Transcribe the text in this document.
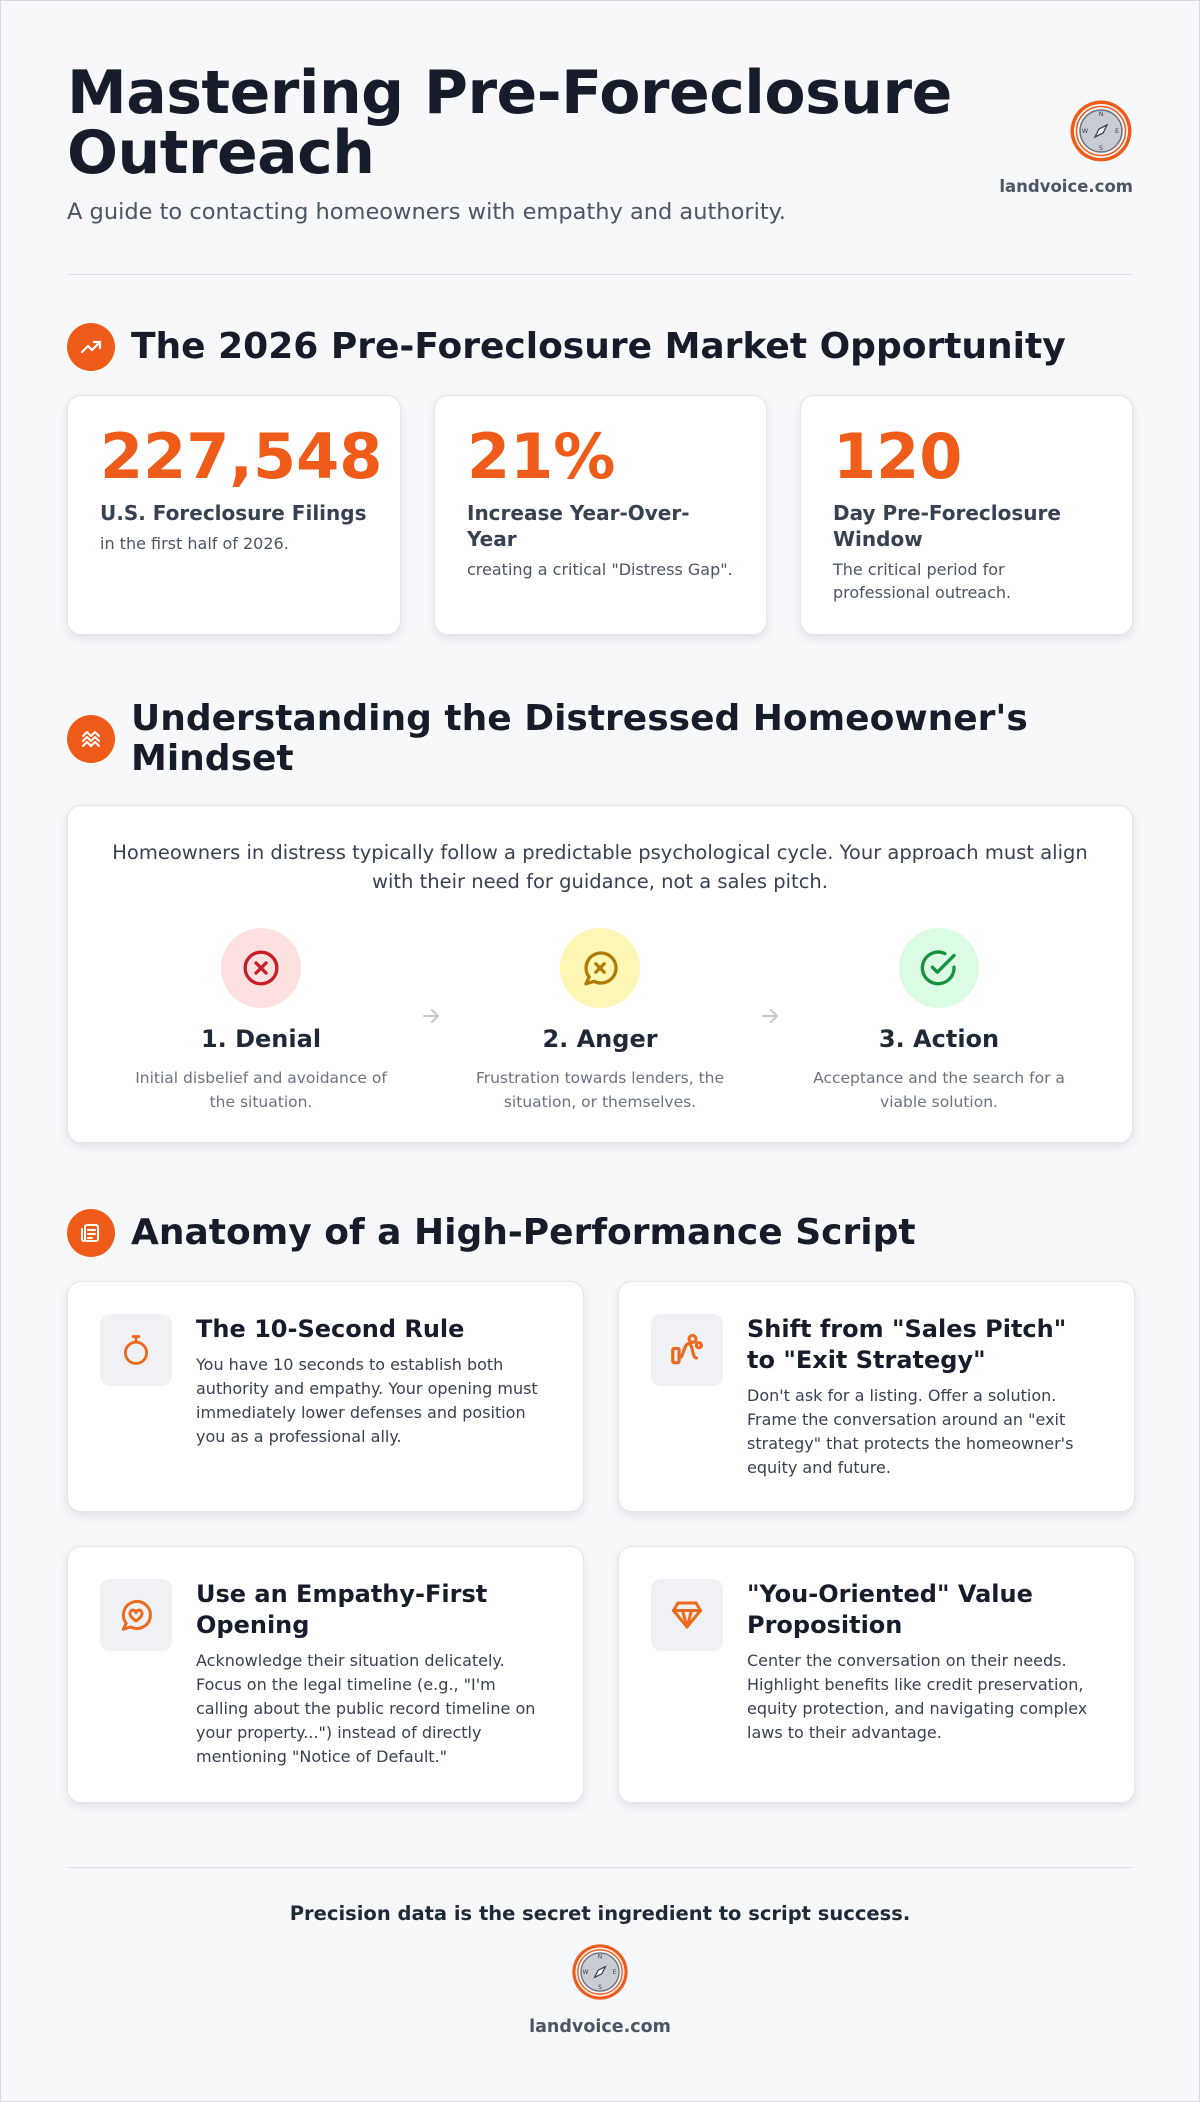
Mastering Pre-Foreclosure Outreach

A guide to contacting homeowners with empathy and authority.

N
S
W	E
landvoice.com
The 2026 Pre-Foreclosure Market Opportunity
227,548
U.S. Foreclosure Filings
in the first half of 2026.
21%
Increase Year-Over-Year
creating a critical "Distress Gap".
120
Day Pre-Foreclosure Window
The critical period for professional outreach.
Understanding the Distressed Homeowner's Mindset

Homeowners in distress typically follow a predictable psychological cycle. Your approach must align with their need for guidance, not a sales pitch.

1. Denial
Initial disbelief and avoidance of the situation.
2. Anger
Frustration towards lenders, the situation, or themselves.
3. Action
Acceptance and the search for a viable solution.
Anatomy of a High-Performance Script
The 10-Second Rule
You have 10 seconds to establish both authority and empathy. Your opening must immediately lower defenses and position you as a professional ally.
Shift from "Sales Pitch" to "Exit Strategy"
Don't ask for a listing. Offer a solution. Frame the conversation around an "exit strategy" that protects the homeowner's equity and future.
Use an Empathy-First Opening
Acknowledge their situation delicately. Focus on the legal timeline (e.g., "I'm calling about the public record timeline on your property...") instead of directly mentioning "Notice of Default."
"You-Oriented" Value Proposition
Center the conversation on their needs. Highlight benefits like credit preservation, equity protection, and navigating complex laws to their advantage.
Precision data is the secret ingredient to script success.
N
S
W	E
landvoice.com
